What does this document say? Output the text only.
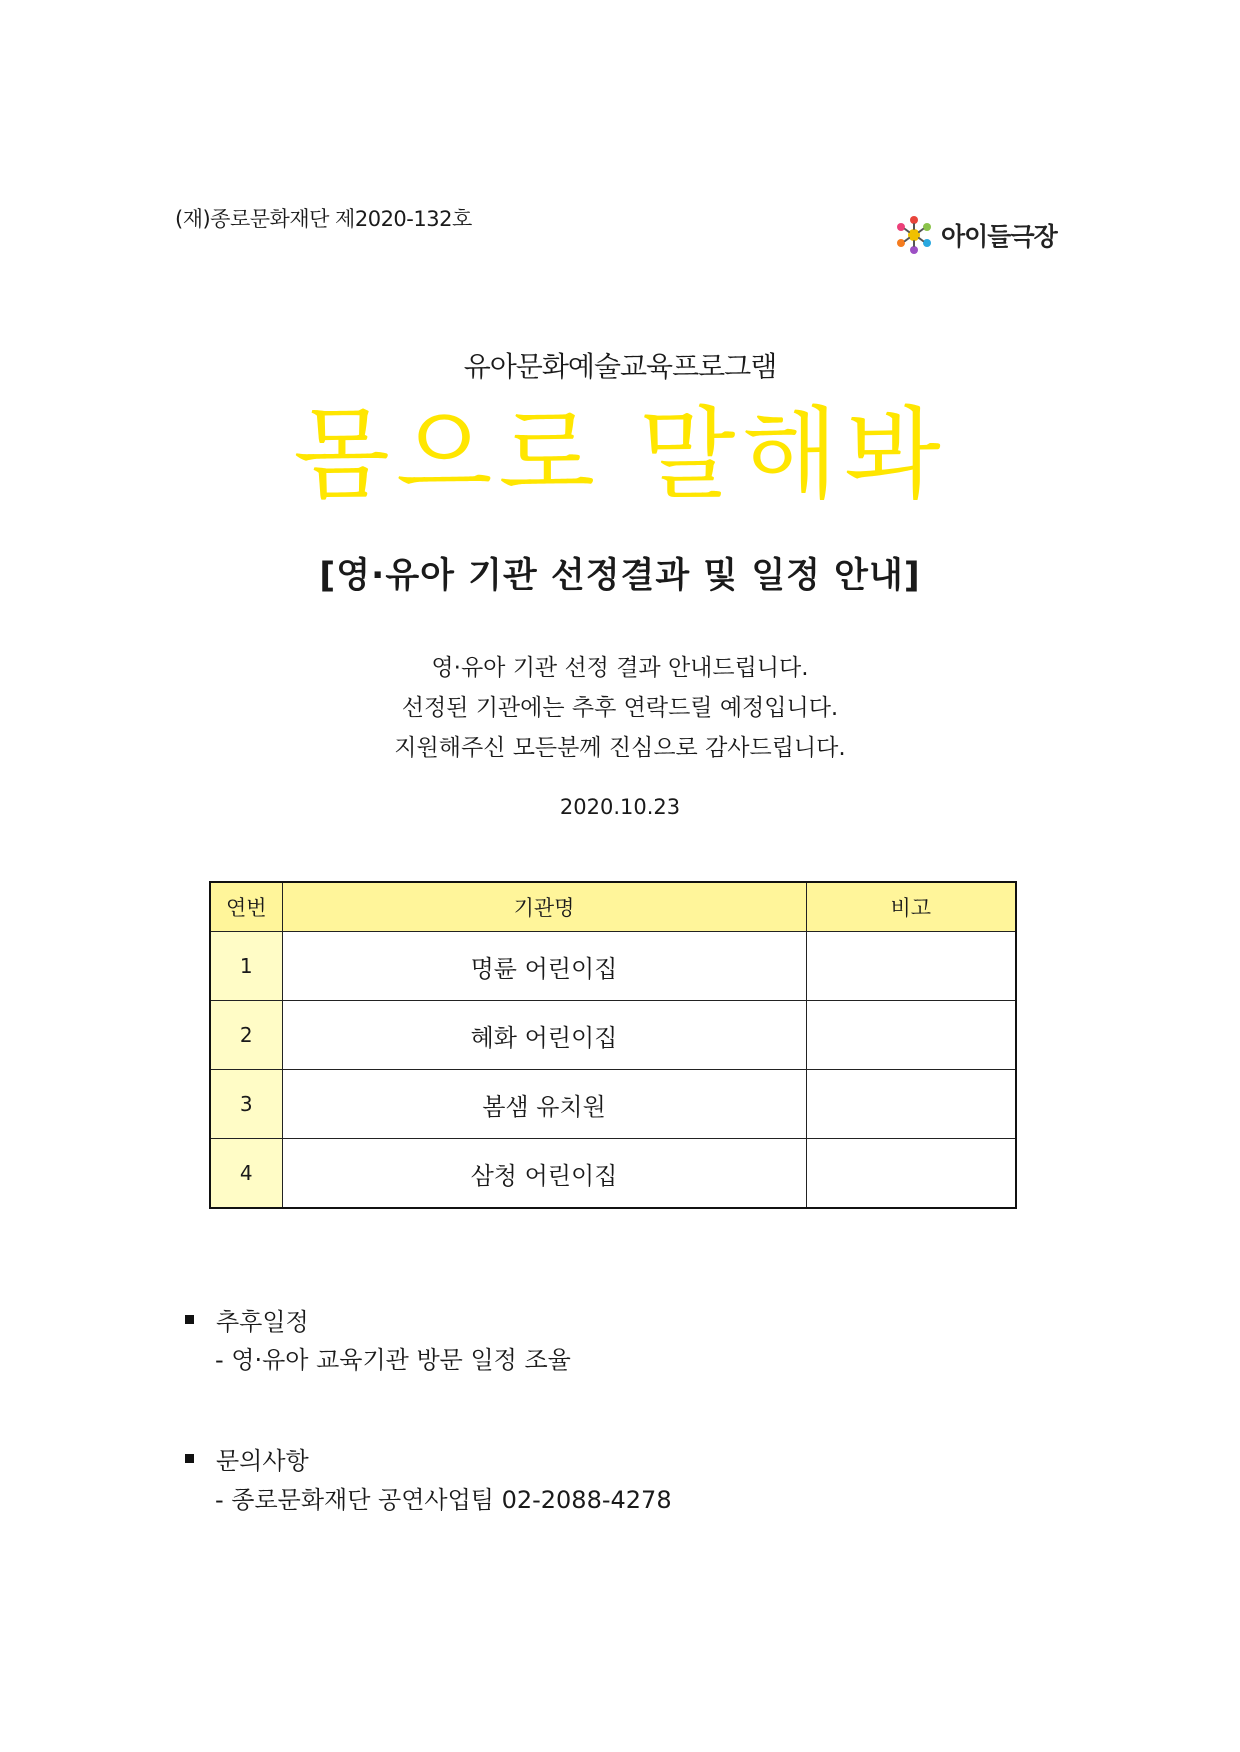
(재)종로문화재단 제2020-132호
아이들극장
유아문화예술교육프로그램
몸으로 말해봐
[영·유아 기관 선정결과 및 일정 안내]
영·유아 기관 선정 결과 안내드립니다.
선정된 기관에는 추후 연락드릴 예정입니다.
지원해주신 모든분께 진심으로 감사드립니다.
2020.10.23
연번	기관명	비고
1	명륜 어린이집	
2	혜화 어린이집	
3	봄샘 유치원	
4	삼청 어린이집	
추후일정
- 영·유아 교육기관 방문 일정 조율
문의사항
- 종로문화재단 공연사업팀 02-2088-4278
